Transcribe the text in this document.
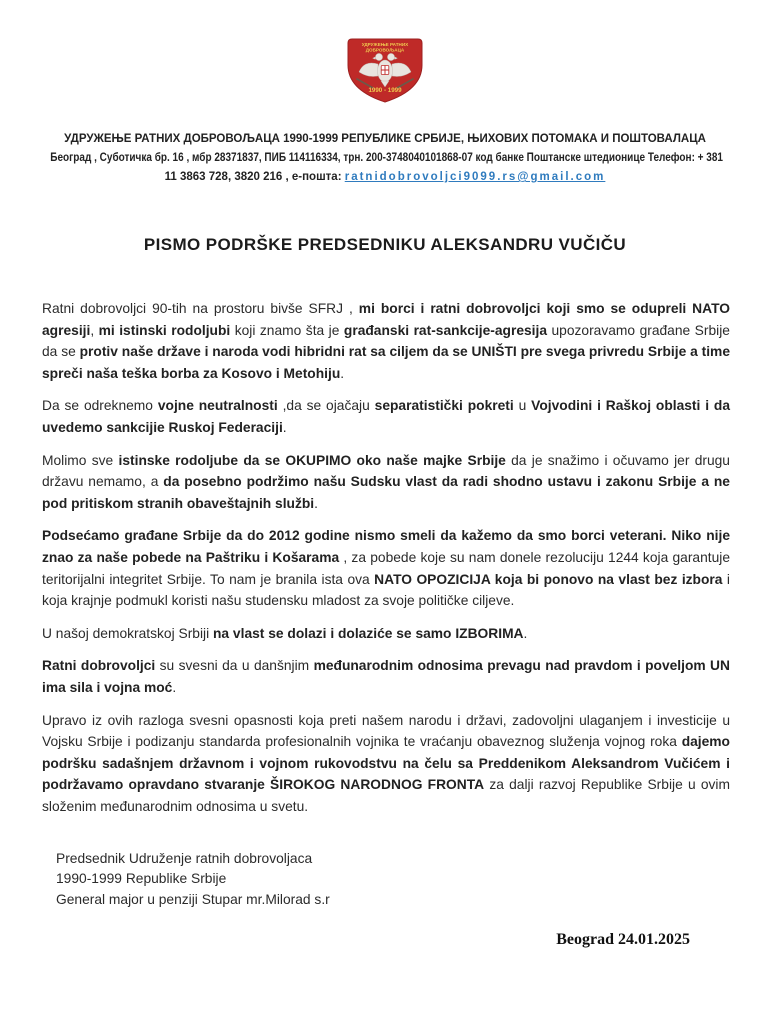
УДРУЖЕЊЕ РАТНИХ
ДОБРОВОЉАЦА
1990 - 1999
УДРУЖЕЊЕ РАТНИХ ДОБРОВОЉАЦА 1990-1999 РЕПУБЛИКЕ СРБИЈЕ, ЊИХОВИХ ПОТОМАКА И ПОШТОВАЛАЦА
Београд , Суботичка бр. 16 , мбр 28371837, ПИБ 114116334, трн. 200-3748040101868-07 код банке Поштанске штедионице Телефон: + 381
11 3863 728, 3820 216 , е-пошта: ratnidobrovoljci9099.rs@gmail.com
PISMO PODRŠKE PREDSEDNIKU ALEKSANDRU VUČIČU

Ratni dobrovoljci 90-tih na prostoru bivše SFRJ , mi borci i ratni dobrovoljci koji smo se odupreli NATO agresiji, mi istinski rodoljubi koji znamo šta je građanski rat-sankcije-agresija upozoravamo građane Srbije da se protiv naše države i naroda vodi hibridni rat sa ciljem da se UNIŠTI pre svega privredu Srbije a time spreči naša teška borba za Kosovo i Metohiju.

Da se odreknemo vojne neutralnosti ,da se ojačaju separatistički pokreti u Vojvodini i Raškoj oblasti i da uvedemo sankcijie Ruskoj Federaciji.

Molimo sve istinske rodoljube da se OKUPIMO oko naše majke Srbije da je snažimo i očuvamo jer drugu državu nemamo, a da posebno podržimo našu Sudsku vlast da radi shodno ustavu i zakonu Srbije a ne pod pritiskom stranih obaveštajnih službi.

Podsećamo građane Srbije da do 2012 godine nismo smeli da kažemo da smo borci veterani. Niko nije znao za naše pobede na Paštriku i Košarama , za pobede koje su nam donele rezoluciju 1244 koja garantuje teritorijalni integritet Srbije. To nam je branila ista ova NATO OPOZICIJA koja bi ponovo na vlast bez izbora i koja krajnje podmukl koristi našu studensku mladost za svoje političke ciljeve.

U našoj demokratskoj Srbiji na vlast se dolazi i dolaziće se samo IZBORIMA.

Ratni dobrovoljci su svesni da u danšnjim međunarodnim odnosima prevagu nad pravdom i poveljom UN ima sila i vojna moć.

Upravo iz ovih razloga svesni opasnosti koja preti našem narodu i državi, zadovoljni ulaganjem i investicije u Vojsku Srbije i podizanju standarda profesionalnih vojnika te vraćanju obaveznog služenja vojnog roka dajemo podršku sadašnjem državnom i vojnom rukovodstvu na čelu sa Preddenikom Aleksandrom Vučićem i podržavamo opravdano stvaranje ŠIROKOG NARODNOG FRONTA za dalji razvoj Republike Srbije u ovim složenim međunarodnim odnosima u svetu.

Predsednik Udruženje ratnih dobrovoljaca
1990-1999 Republike Srbije
General major u penziji Stupar mr.Milorad s.r
Beograd 24.01.2025
